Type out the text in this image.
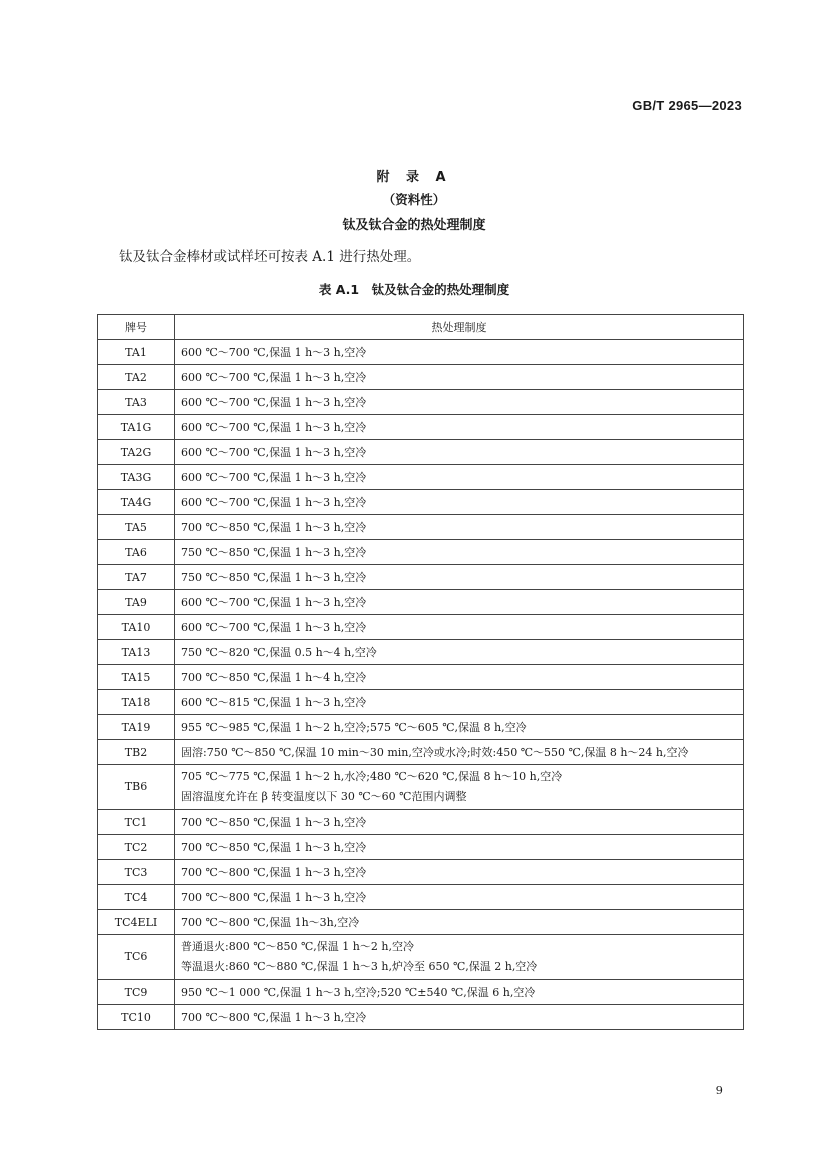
GB/T 2965—2023
附 录 A
（资料性）
钛及钛合金的热处理制度
钛及钛合金棒材或试样坯可按表 A.1 进行热处理。
表 A.1　钛及钛合金的热处理制度
牌号	热处理制度
TA1	600 ℃～700 ℃,保温 1 h～3 h,空冷

TA2	600 ℃～700 ℃,保温 1 h～3 h,空冷

TA3	600 ℃～700 ℃,保温 1 h～3 h,空冷

TA1G	600 ℃～700 ℃,保温 1 h～3 h,空冷

TA2G	600 ℃～700 ℃,保温 1 h～3 h,空冷

TA3G	600 ℃～700 ℃,保温 1 h～3 h,空冷

TA4G	600 ℃～700 ℃,保温 1 h～3 h,空冷

TA5	700 ℃～850 ℃,保温 1 h～3 h,空冷

TA6	750 ℃～850 ℃,保温 1 h～3 h,空冷

TA7	750 ℃～850 ℃,保温 1 h～3 h,空冷

TA9	600 ℃～700 ℃,保温 1 h～3 h,空冷

TA10	600 ℃～700 ℃,保温 1 h～3 h,空冷

TA13	750 ℃～820 ℃,保温 0.5 h～4 h,空冷

TA15	700 ℃～850 ℃,保温 1 h～4 h,空冷

TA18	600 ℃～815 ℃,保温 1 h～3 h,空冷

TA19	955 ℃～985 ℃,保温 1 h～2 h,空冷;575 ℃～605 ℃,保温 8 h,空冷

TB2	固溶:750 ℃～850 ℃,保温 10 min～30 min,空冷或水冷;时效:450 ℃～550 ℃,保温 8 h～24 h,空冷

TB6	705 ℃～775 ℃,保温 1 h～2 h,水冷;480 ℃～620 ℃,保温 8 h～10 h,空冷
固溶温度允许在 β 转变温度以下 30 ℃～60 ℃范围内调整

TC1	700 ℃～850 ℃,保温 1 h～3 h,空冷

TC2	700 ℃～850 ℃,保温 1 h～3 h,空冷

TC3	700 ℃～800 ℃,保温 1 h～3 h,空冷

TC4	700 ℃～800 ℃,保温 1 h～3 h,空冷

TC4ELI	700 ℃～800 ℃,保温 1h～3h,空冷

TC6	普通退火:800 ℃～850 ℃,保温 1 h～2 h,空冷
等温退火:860 ℃～880 ℃,保温 1 h～3 h,炉冷至 650 ℃,保温 2 h,空冷

TC9	950 ℃～1 000 ℃,保温 1 h～3 h,空冷;520 ℃±540 ℃,保温 6 h,空冷

TC10	700 ℃～800 ℃,保温 1 h～3 h,空冷
9
